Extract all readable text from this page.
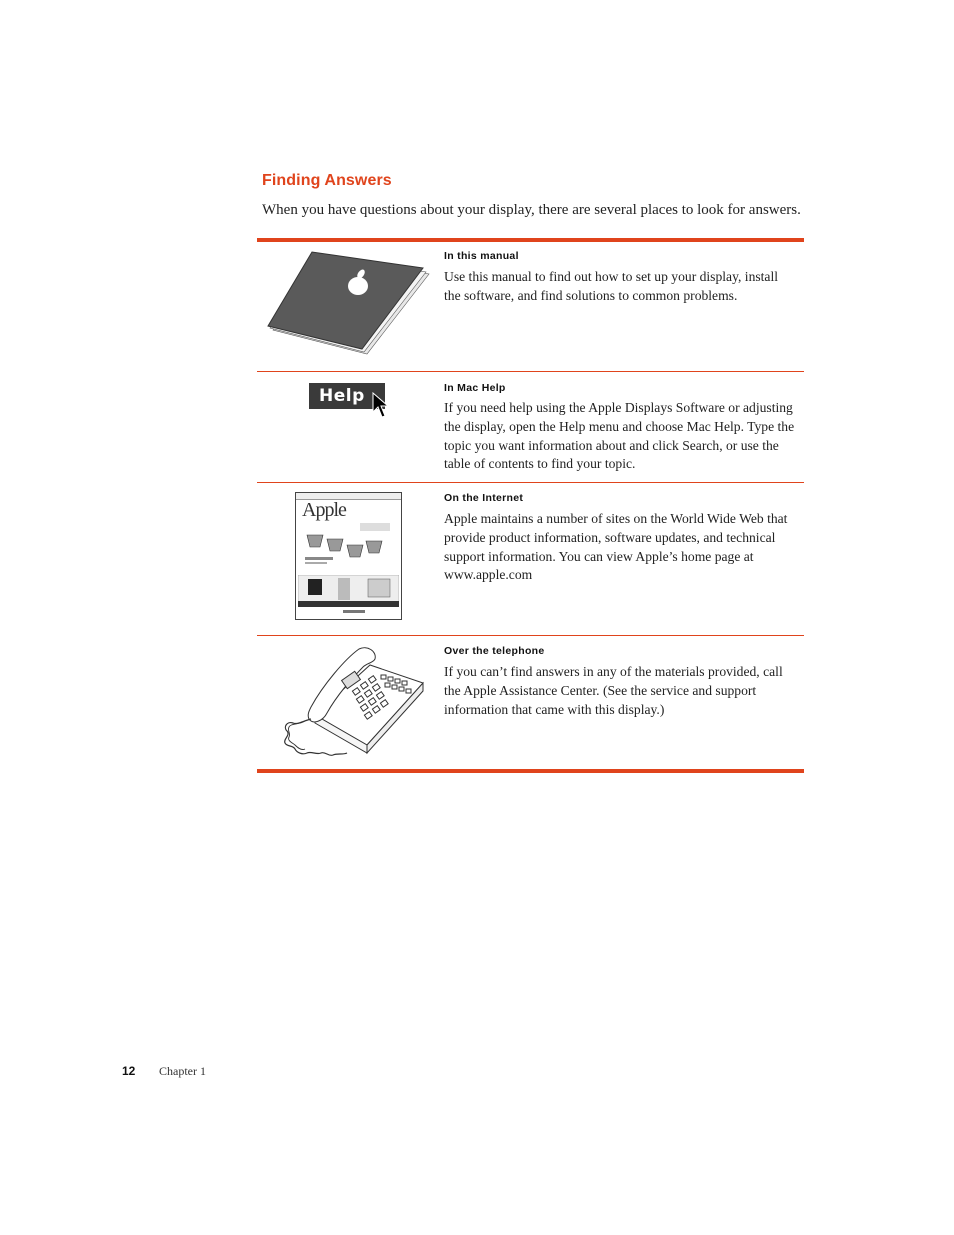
Finding Answers

When you have questions about your display, there are several places to look for answers.

In this manual

Use this manual to find out how to set up your display, install the software, and find solutions to common problems.

Help	In Mac Help

If you need help using the Apple Displays Software or adjusting the display, open the Help menu and choose Mac Help. Type the topic you want information about and click Search, or use the table of contents to find your topic.

Apple

On the Internet

Apple maintains a number of sites on the World Wide Web that provide product information, software updates, and technical support information. You can view Apple’s home page at www.apple.com

Over the telephone

If you can’t find answers in any of the materials provided, call the Apple Assistance Center. (See the service and support information that came with this display.)

12 Chapter 1
